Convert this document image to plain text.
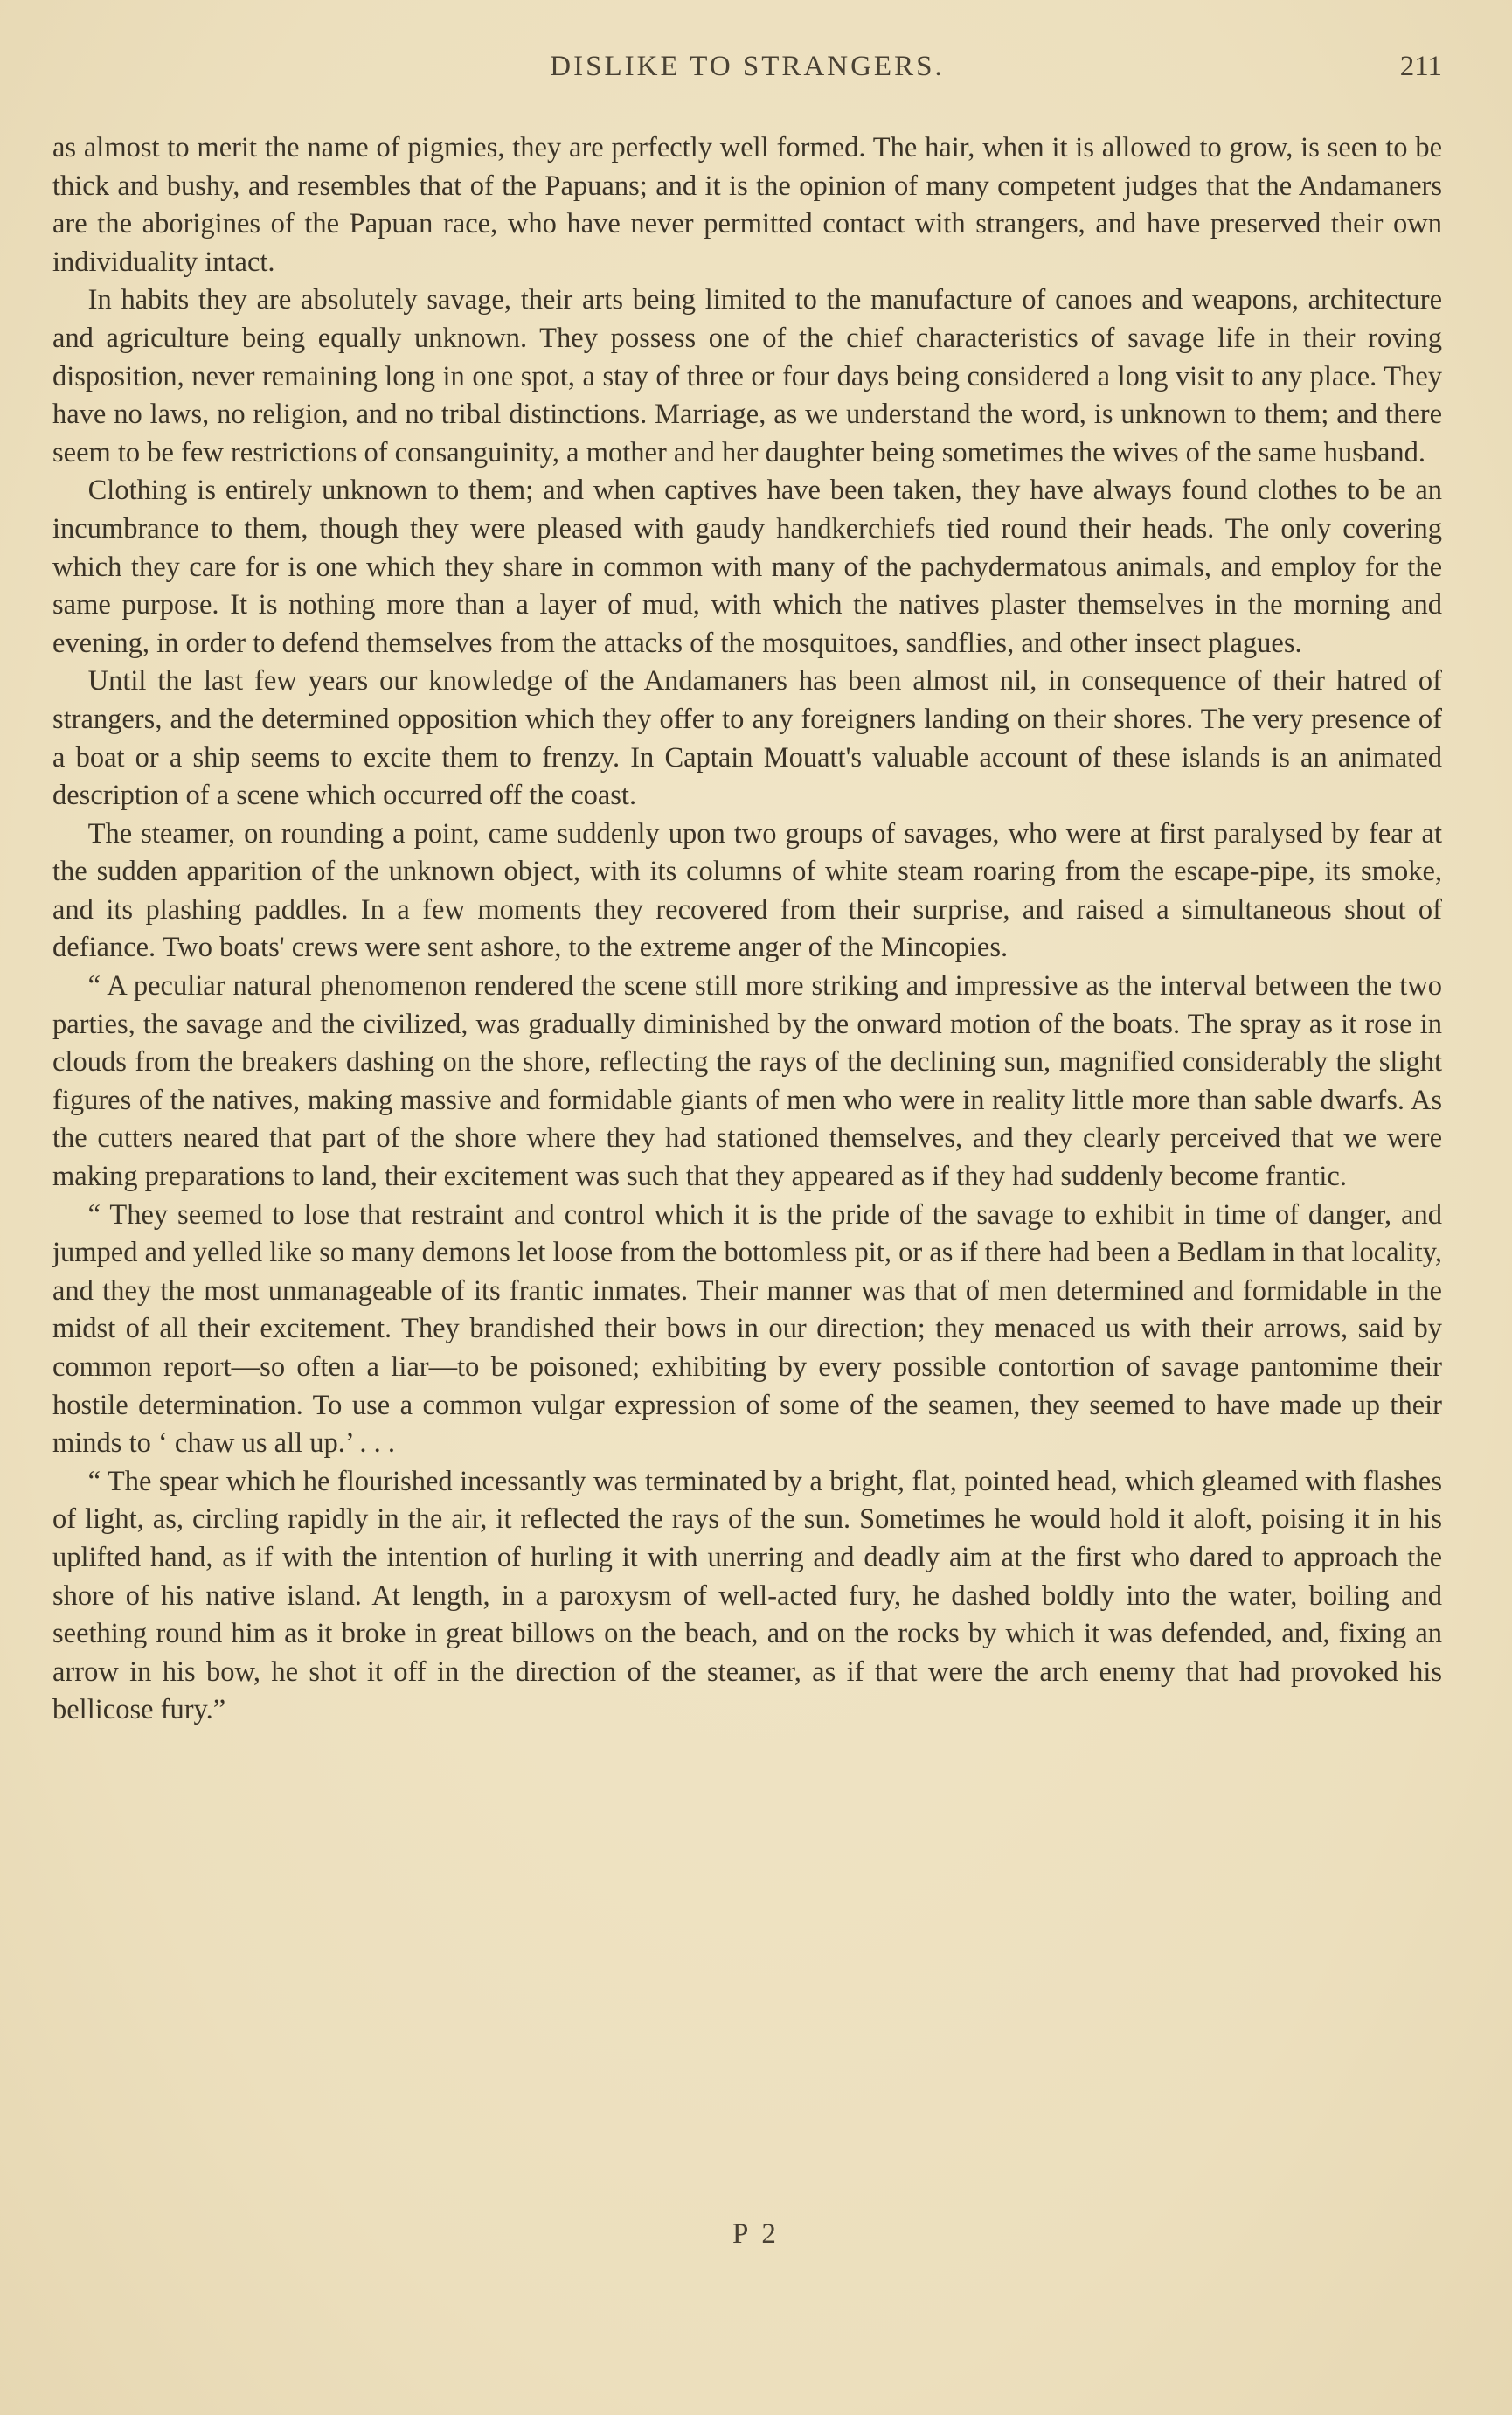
DISLIKE TO STRANGERS.	211

as almost to merit the name of pigmies, they are perfectly well formed. The hair, when it is allowed to grow, is seen to be thick and bushy, and resembles that of the Papuans; and it is the opinion of many competent judges that the Andamaners are the aborigines of the Papuan race, who have never permitted contact with strangers, and have preserved their own individuality intact.

In habits they are absolutely savage, their arts being limited to the manufacture of canoes and weapons, architecture and agriculture being equally unknown. They possess one of the chief characteristics of savage life in their roving disposition, never remaining long in one spot, a stay of three or four days being considered a long visit to any place. They have no laws, no religion, and no tribal distinctions. Marriage, as we understand the word, is unknown to them; and there seem to be few restrictions of consanguinity, a mother and her daughter being sometimes the wives of the same husband.

Clothing is entirely unknown to them; and when captives have been taken, they have always found clothes to be an incumbrance to them, though they were pleased with gaudy handkerchiefs tied round their heads. The only covering which they care for is one which they share in common with many of the pachydermatous animals, and employ for the same purpose. It is nothing more than a layer of mud, with which the natives plaster themselves in the morning and evening, in order to defend themselves from the attacks of the mosquitoes, sandflies, and other insect plagues.

Until the last few years our knowledge of the Andamaners has been almost nil, in consequence of their hatred of strangers, and the determined opposition which they offer to any foreigners landing on their shores. The very presence of a boat or a ship seems to excite them to frenzy. In Captain Mouatt's valuable account of these islands is an animated description of a scene which occurred off the coast.

The steamer, on rounding a point, came suddenly upon two groups of savages, who were at first paralysed by fear at the sudden apparition of the unknown object, with its columns of white steam roaring from the escape-pipe, its smoke, and its plashing paddles. In a few moments they recovered from their surprise, and raised a simultaneous shout of defiance. Two boats' crews were sent ashore, to the extreme anger of the Mincopies.

“ A peculiar natural phenomenon rendered the scene still more striking and impressive as the interval between the two parties, the savage and the civilized, was gradually diminished by the onward motion of the boats. The spray as it rose in clouds from the breakers dashing on the shore, reflecting the rays of the declining sun, magnified considerably the slight figures of the natives, making massive and formidable giants of men who were in reality little more than sable dwarfs. As the cutters neared that part of the shore where they had stationed themselves, and they clearly perceived that we were making preparations to land, their excitement was such that they appeared as if they had suddenly become frantic.

“ They seemed to lose that restraint and control which it is the pride of the savage to exhibit in time of danger, and jumped and yelled like so many demons let loose from the bottomless pit, or as if there had been a Bedlam in that locality, and they the most unmanageable of its frantic inmates. Their manner was that of men determined and formidable in the midst of all their excitement. They brandished their bows in our direction; they menaced us with their arrows, said by common report—so often a liar—to be poisoned; exhibiting by every possible contortion of savage pantomime their hostile determination. To use a common vulgar expression of some of the seamen, they seemed to have made up their minds to ‘ chaw us all up.’ . . .

“ The spear which he flourished incessantly was terminated by a bright, flat, pointed head, which gleamed with flashes of light, as, circling rapidly in the air, it reflected the rays of the sun. Sometimes he would hold it aloft, poising it in his uplifted hand, as if with the intention of hurling it with unerring and deadly aim at the first who dared to approach the shore of his native island. At length, in a paroxysm of well-acted fury, he dashed boldly into the water, boiling and seething round him as it broke in great billows on the beach, and on the rocks by which it was defended, and, fixing an arrow in his bow, he shot it off in the direction of the steamer, as if that were the arch enemy that had provoked his bellicose fury.”

P 2
